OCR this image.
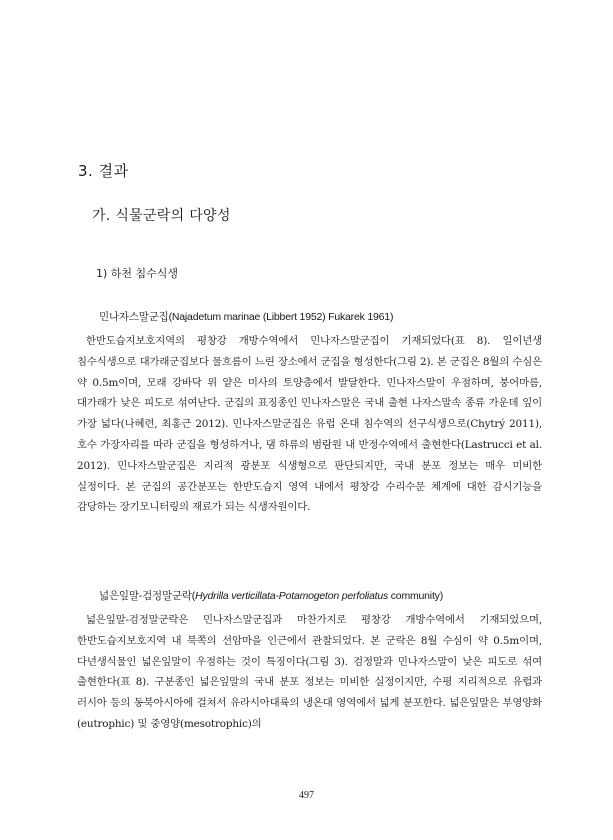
3. 결과
가. 식물군락의 다양성
1) 하천 침수식생

민나자스말군집(Najadetum marinae (Libbert 1952) Fukarek 1961)

한반도습지보호지역의 평창강 개방수역에서 민나자스말군집이 기재되었다(표 8). 일이년생 침수식생으로 대가래군집보다 물흐름이 느린 장소에서 군집을 형성한다(그림 2). 본 군집은 8월의 수심은 약 0.5m이며, 모래 강바닥 위 얕은 미사의 토양층에서 발달한다. 민나자스말이 우점하며, 붕어마름, 대가래가 낮은 피도로 섞여난다. 군집의 표징종인 민나자스말은 국내 출현 나자스말속 종류 가운데 잎이 가장 넓다(나혜련, 최홍근 2012). 민나자스말군집은 유럽 온대 침수역의 선구식생으로(Chytrý 2011), 호수 가장자리를 따라 군집을 형성하거나, 댐 하류의 범람원 내 반정수역에서 출현한다(Lastrucci et al. 2012). 민나자스말군집은 지리적 광분포 식생형으로 판단되지만, 국내 분포 정보는 매우 미비한 실정이다. 본 군집의 공간분포는 한반도습지 영역 내에서 평창강 수리수문 체계에 대한 감시기능을 감당하는 장기모니터링의 재료가 되는 식생자원이다.

넓은잎말-검정말군락(Hydrilla verticillata-Potamogeton perfoliatus community)

넓은잎말-검정말군락은 민나자스말군집과 마찬가지로 평창강 개방수역에서 기재되었으며, 한반도습지보호지역 내 북쪽의 선암마을 인근에서 관찰되었다. 본 군락은 8월 수심이 약 0.5m이며, 다년생식물인 넓은잎말이 우점하는 것이 특징이다(그림 3). 검정말과 민나자스말이 낮은 피도로 섞여 출현한다(표 8). 구분종인 넓은잎말의 국내 분포 정보는 미비한 실정이지만, 수평 지리적으로 유럽과 러시아 등의 동북아시아에 걸쳐서 유라시아대륙의 냉온대 영역에서 넓게 분포한다. 넓은잎말은 부영양화(eutrophic) 및 중영양(mesotrophic)의

497
